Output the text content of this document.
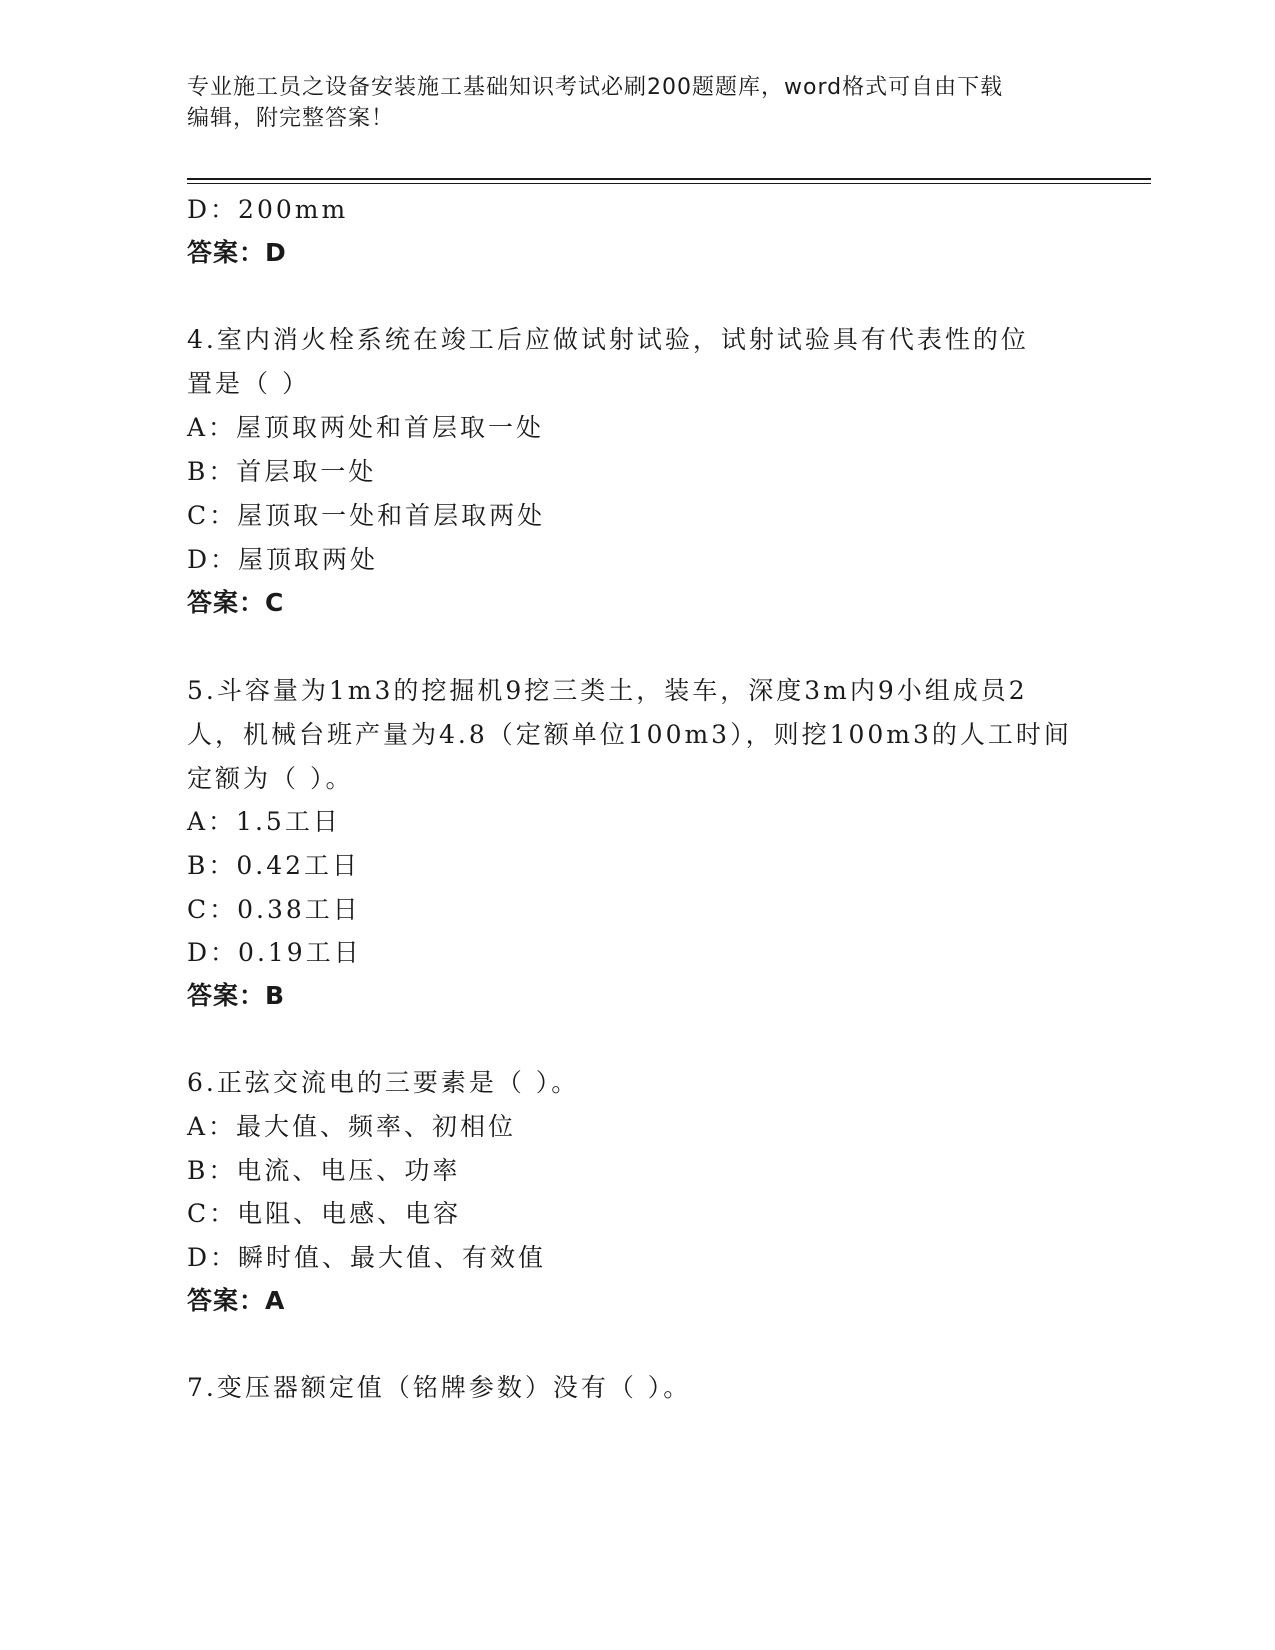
专业施工员之设备安装施工基础知识考试必刷200题题库，word格式可自由下载
编辑，附完整答案！
D：200mm
答案：D
4.室内消火栓系统在竣工后应做试射试验，试射试验具有代表性的位
置是（ ）
A：屋顶取两处和首层取一处
B：首层取一处
C：屋顶取一处和首层取两处
D：屋顶取两处
答案：C
5.斗容量为1m3的挖掘机9挖三类土，装车，深度3m内9小组成员2
人，机械台班产量为4.8（定额单位100m3），则挖100m3的人工时间
定额为（ ）。
A：1.5工日
B：0.42工日
C：0.38工日
D：0.19工日
答案：B
6.正弦交流电的三要素是（ ）。
A：最大值、频率、初相位
B：电流、电压、功率
C：电阻、电感、电容
D：瞬时值、最大值、有效值
答案：A
7.变压器额定值（铭牌参数）没有（ ）。
